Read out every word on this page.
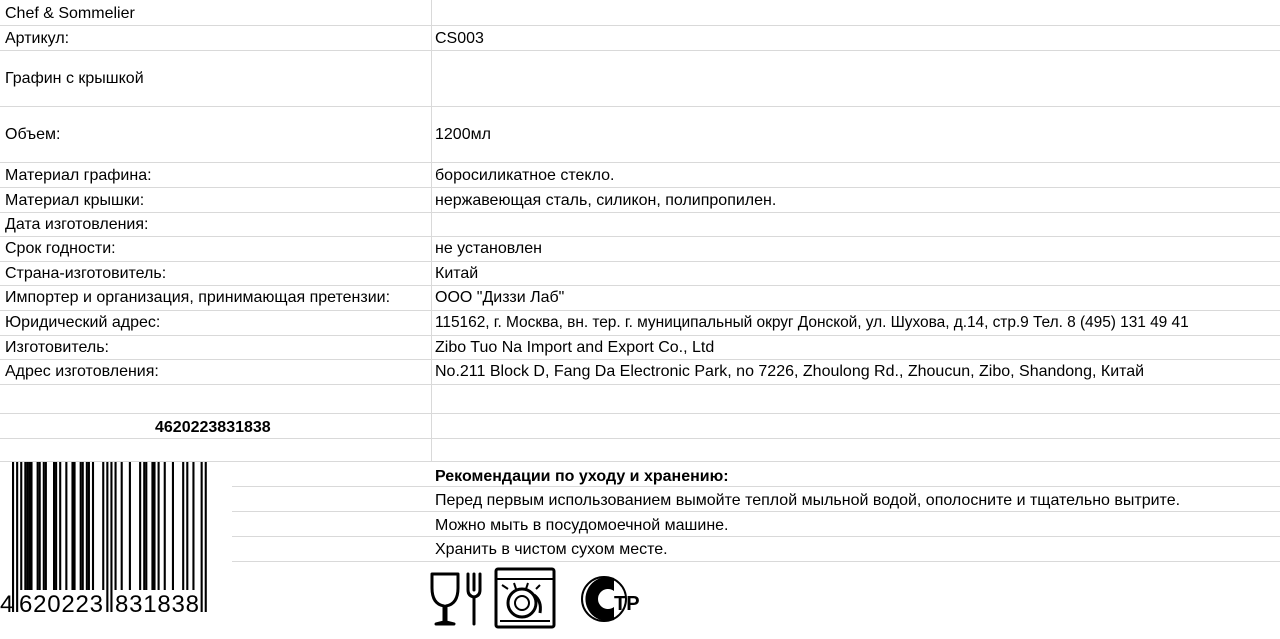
Chef & Sommelier
Артикул:	CS003
Графин с крышкой
Объем:	1200мл
Материал графина:	боросиликатное стекло.
Материал крышки:	нержавеющая сталь, силикон, полипропилен.
Дата изготовления:
Срок годности:	не установлен
Страна-изготовитель:	Китай
Импортер и организация, принимающая претензии:	ООО "Диззи Лаб"
Юридический адрес:	115162, г. Москва, вн. тер. г. муниципальный округ Донской, ул. Шухова, д.14, стр.9 Тел. 8 (495) 131 49 41
Изготовитель:	Zibo Tuo Na Import and Export Co., Ltd
Адрес изготовления:	No.211 Block D, Fang Da Electronic Park, no 7226, Zhoulong Rd., Zhoucun, Zibo, Shandong, Китай
4620223831838
Рекомендации по уходу и хранению:
Перед первым использованием вымойте теплой мыльной водой, ополосните и тщательно вытрите.
Можно мыть в посудомоечной машине.
Хранить в чистом сухом месте.
4 620223 831838	ТР
